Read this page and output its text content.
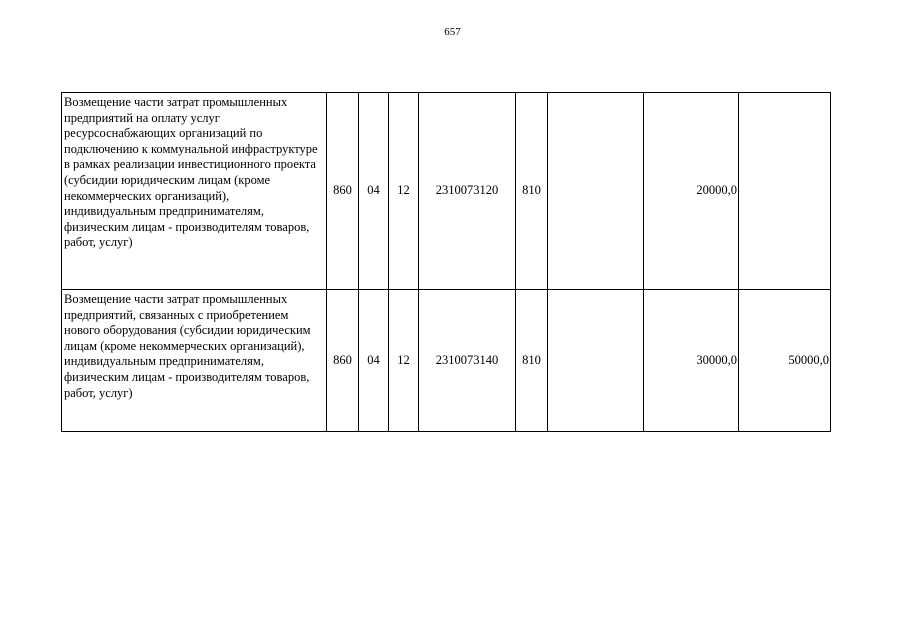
657
Возмещение части затрат промышленных предприятий на оплату услуг ресурсоснабжающих организаций по подключению к коммунальной инфраструктуре в рамках реализации инвестиционного проекта (субсидии юридическим лицам (кроме некоммерческих организаций), индивидуальным предпринимателям, физическим лицам - производителям товаров, работ, услуг)	860	04	12	2310073120	810		20000,0	
Возмещение части затрат промышленных предприятий, связанных с приобретением нового оборудования (субсидии юридическим лицам (кроме некоммерческих организаций), индивидуальным предпринимателям, физическим лицам - производителям товаров, работ, услуг)	860	04	12	2310073140	810		30000,0	50000,0
